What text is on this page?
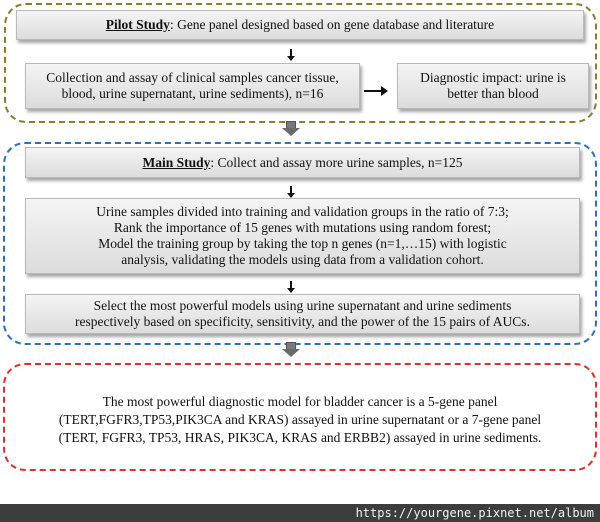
Pilot Study: Gene panel designed based on gene database and literature
Collection and assay of clinical samples cancer tissue, blood, urine supernatant, urine sediments), n=16
Diagnostic impact: urine is better than blood
Main Study: Collect and assay more urine samples, n=125
Urine samples divided into training and validation groups in the ratio of 7:3;
Rank the importance of 15 genes with mutations using random forest;
Model the training group by taking the top n genes (n=1,…15) with logistic analysis, validating the models using data from a validation cohort.
Select the most powerful models using urine supernatant and urine sediments respectively based on specificity, sensitivity, and the power of the 15 pairs of AUCs.
The most powerful diagnostic model for bladder cancer is a 5-gene panel (TERT,FGFR3,TP53,PIK3CA and KRAS) assayed in urine supernatant or a 7-gene panel (TERT, FGFR3, TP53, HRAS, PIK3CA, KRAS and ERBB2) assayed in urine sediments.
https://yourgene.pixnet.net/album
